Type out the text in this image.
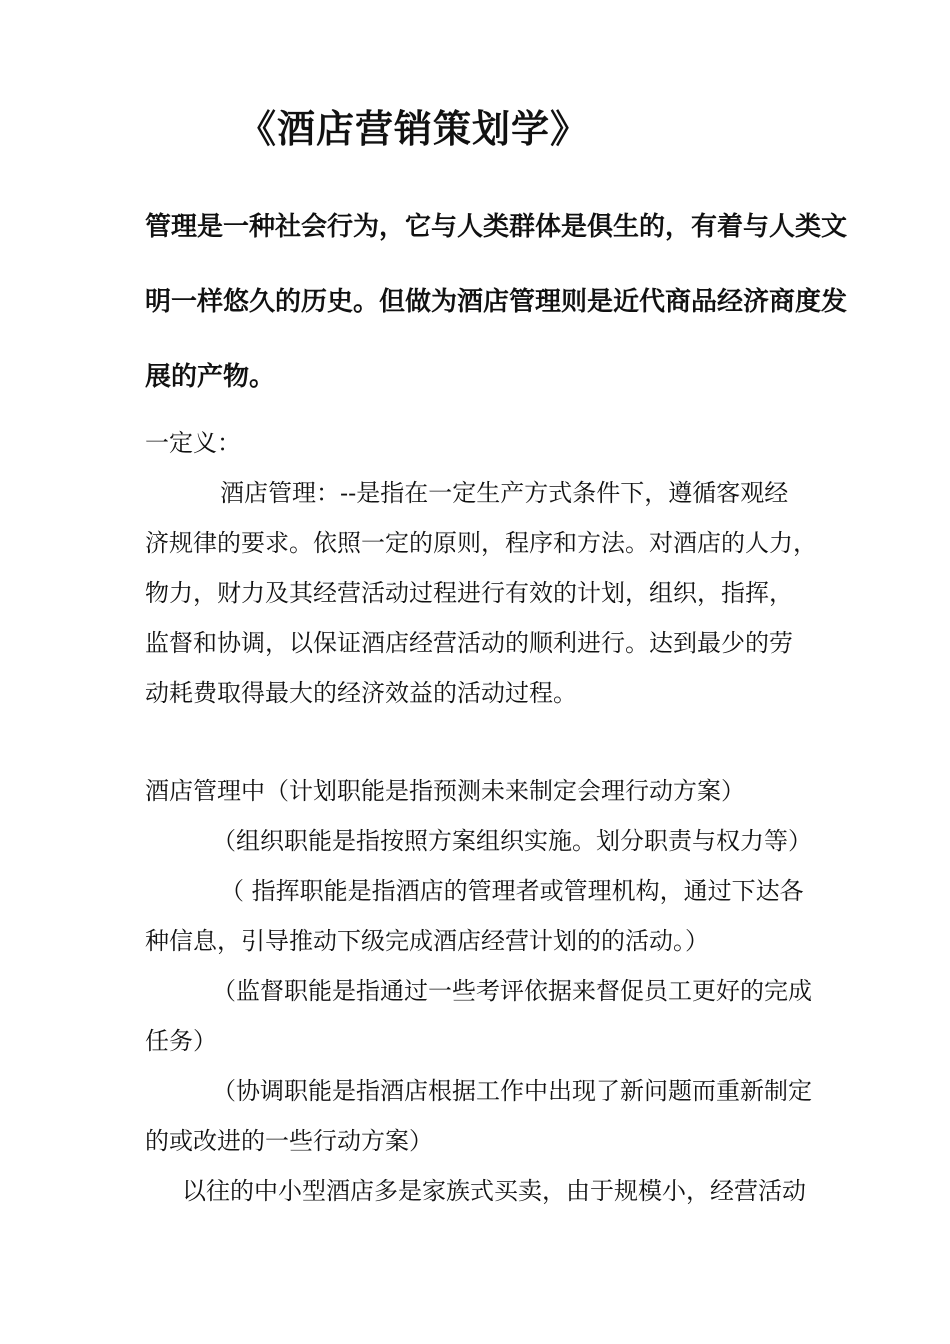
《酒店营销策划学》

管理是一种社会行为，它与人类群体是俱生的，有着与人类文

明一样悠久的历史。但做为酒店管理则是近代商品经济商度发

展的产物。

一定义：

酒店管理：--是指在一定生产方式条件下，遵循客观经

济规律的要求。依照一定的原则，程序和方法。对酒店的人力，

物力，财力及其经营活动过程进行有效的计划，组织，指挥，

监督和协调，以保证酒店经营活动的顺利进行。达到最少的劳

动耗费取得最大的经济效益的活动过程。

酒店管理中（计划职能是指预测未来制定会理行动方案）

（组织职能是指按照方案组织实施。划分职责与权力等）

（ 指挥职能是指酒店的管理者或管理机构，通过下达各

种信息，引导推动下级完成酒店经营计划的的活动。）

（监督职能是指通过一些考评依据来督促员工更好的完成

任务）

（协调职能是指酒店根据工作中出现了新问题而重新制定

的或改进的一些行动方案）

以往的中小型酒店多是家族式买卖，由于规模小，经营活动
